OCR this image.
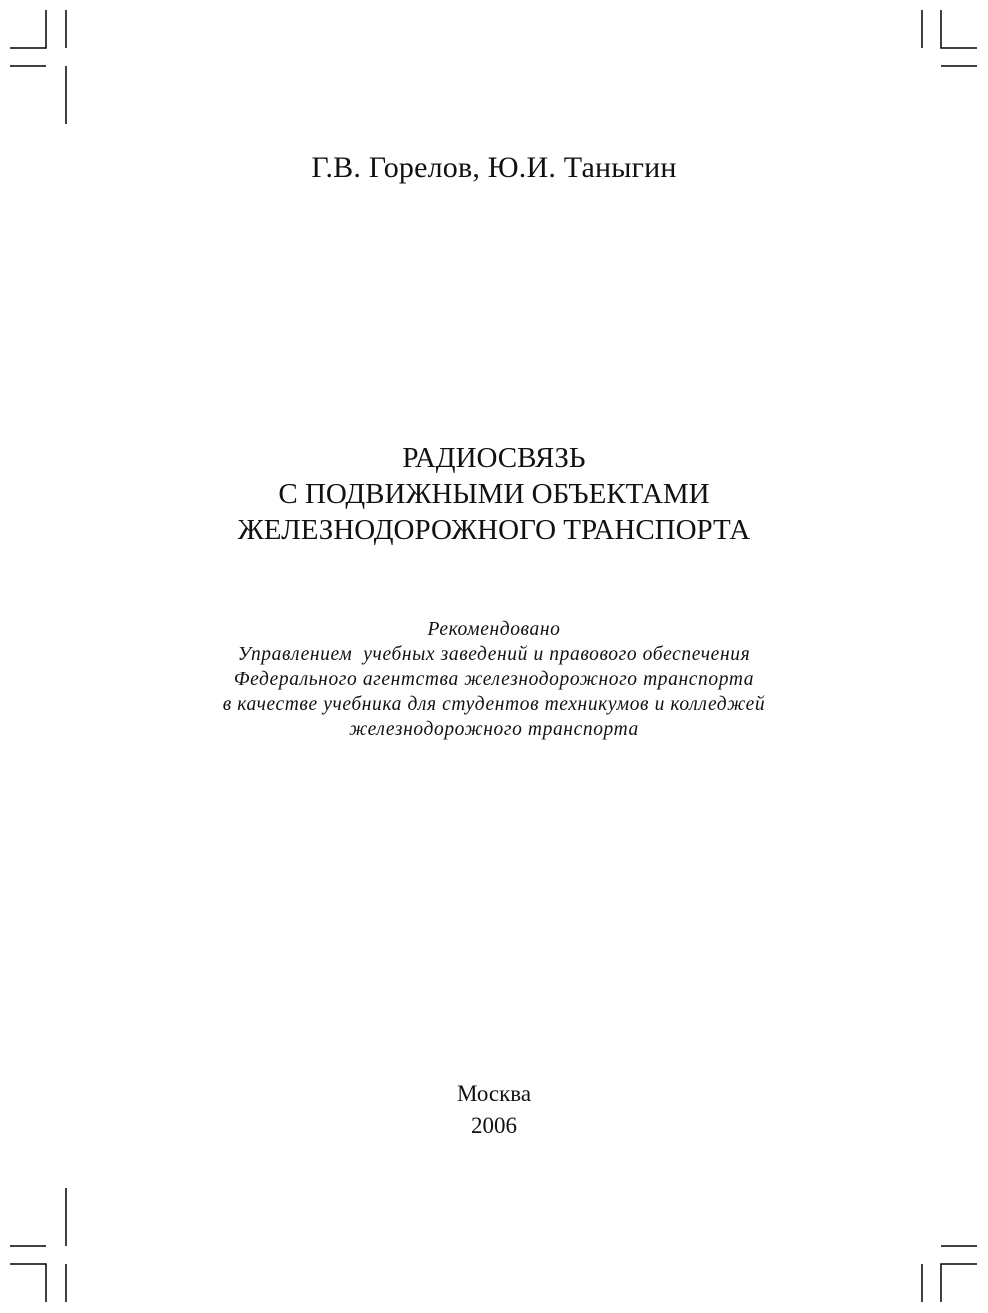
Г.В. Горелов, Ю.И. Таныгин
РАДИОСВЯЗЬ
С ПОДВИЖНЫМИ ОБЪЕКТАМИ
ЖЕЛЕЗНОДОРОЖНОГО ТРАНСПОРТА
Рекомендовано
Управлением  учебных заведений и правового обеспечения
Федерального агентства железнодорожного транспорта
в качестве учебника для студентов техникумов и колледжей
железнодорожного транспорта
Москва
2006
